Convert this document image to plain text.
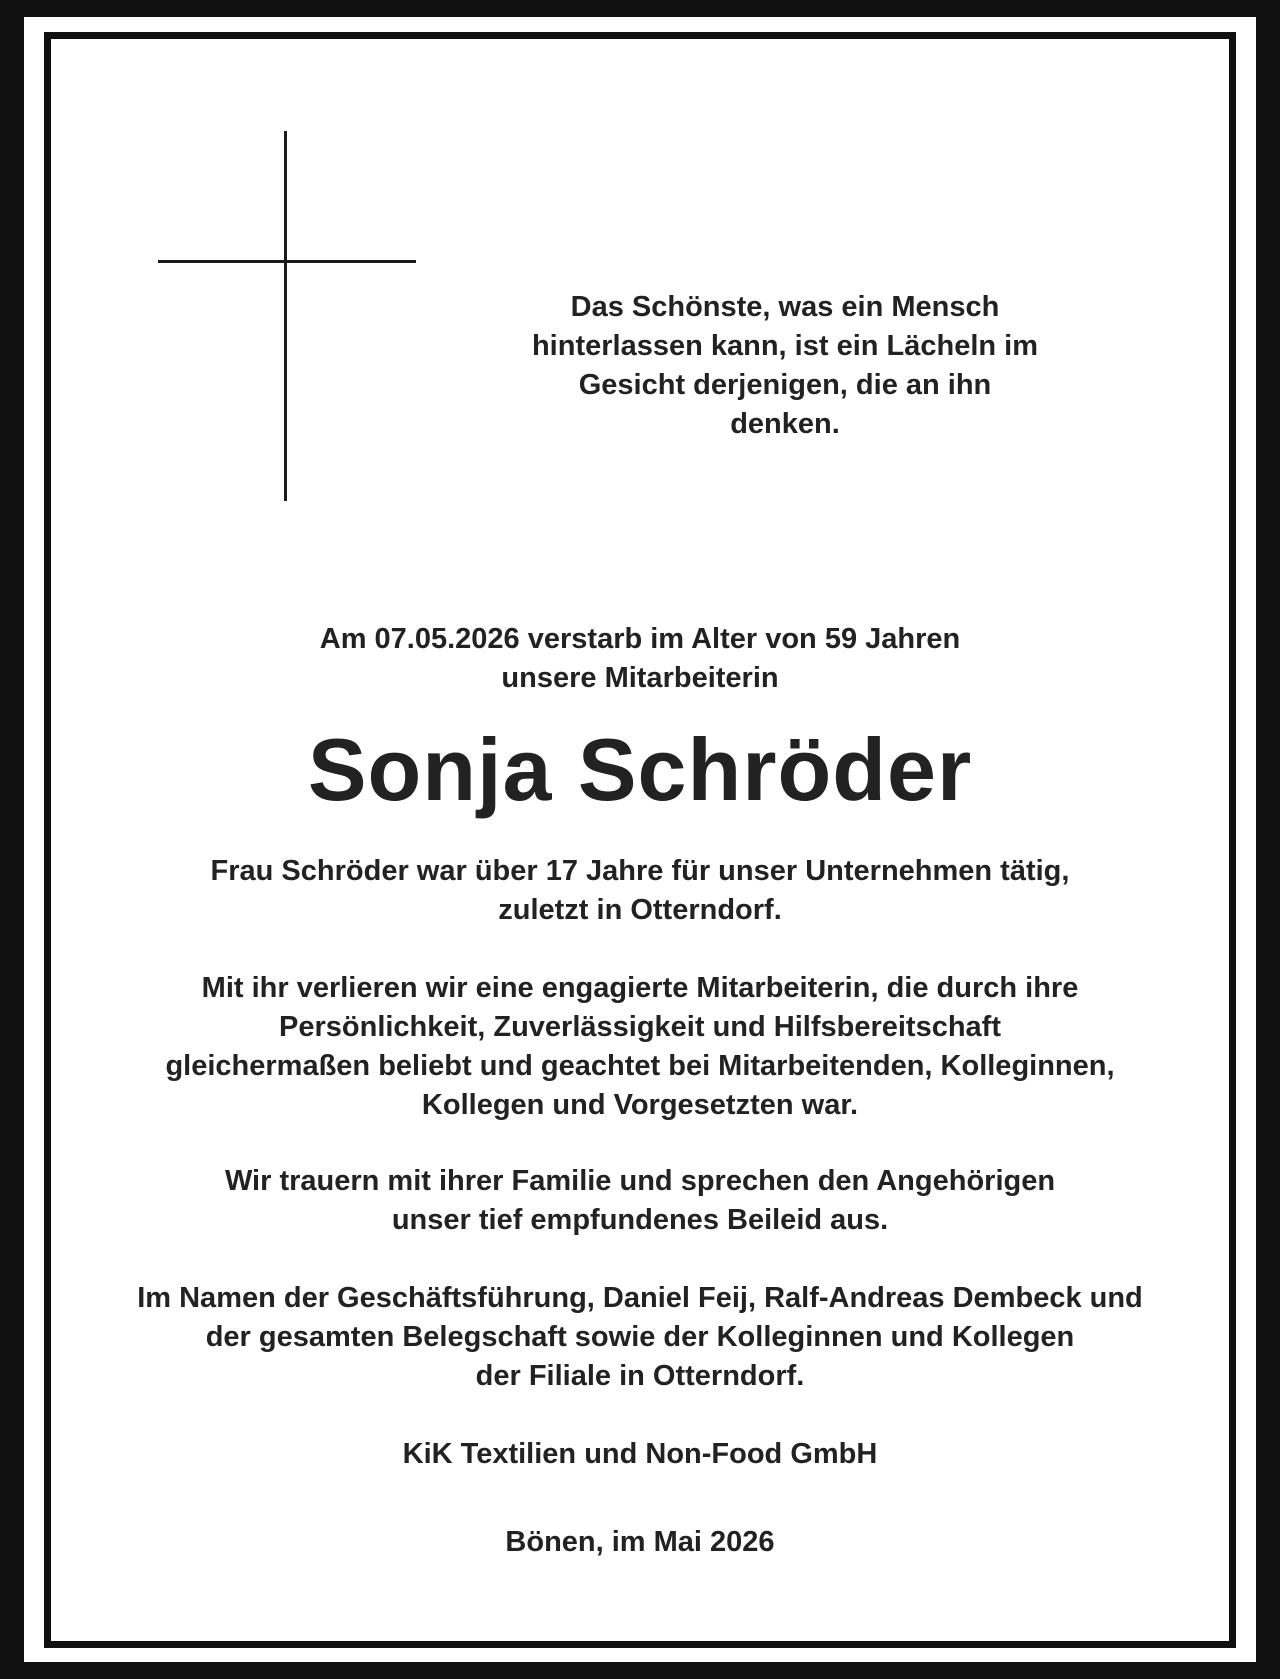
Das Schönste, was ein Mensch
hinterlassen kann, ist ein Lächeln im
Gesicht derjenigen, die an ihn
denken.
Am 07.05.2026 verstarb im Alter von 59 Jahren
unsere Mitarbeiterin
Sonja Schröder
Frau Schröder war über 17 Jahre für unser Unternehmen tätig,
zuletzt in Otterndorf.
Mit ihr verlieren wir eine engagierte Mitarbeiterin, die durch ihre
Persönlichkeit, Zuverlässigkeit und Hilfsbereitschaft
gleichermaßen beliebt und geachtet bei Mitarbeitenden, Kolleginnen,
Kollegen und Vorgesetzten war.
Wir trauern mit ihrer Familie und sprechen den Angehörigen
unser tief empfundenes Beileid aus.
Im Namen der Geschäftsführung, Daniel Feij, Ralf-Andreas Dembeck und
der gesamten Belegschaft sowie der Kolleginnen und Kollegen
der Filiale in Otterndorf.
KiK Textilien und Non-Food GmbH
Bönen, im Mai 2026
